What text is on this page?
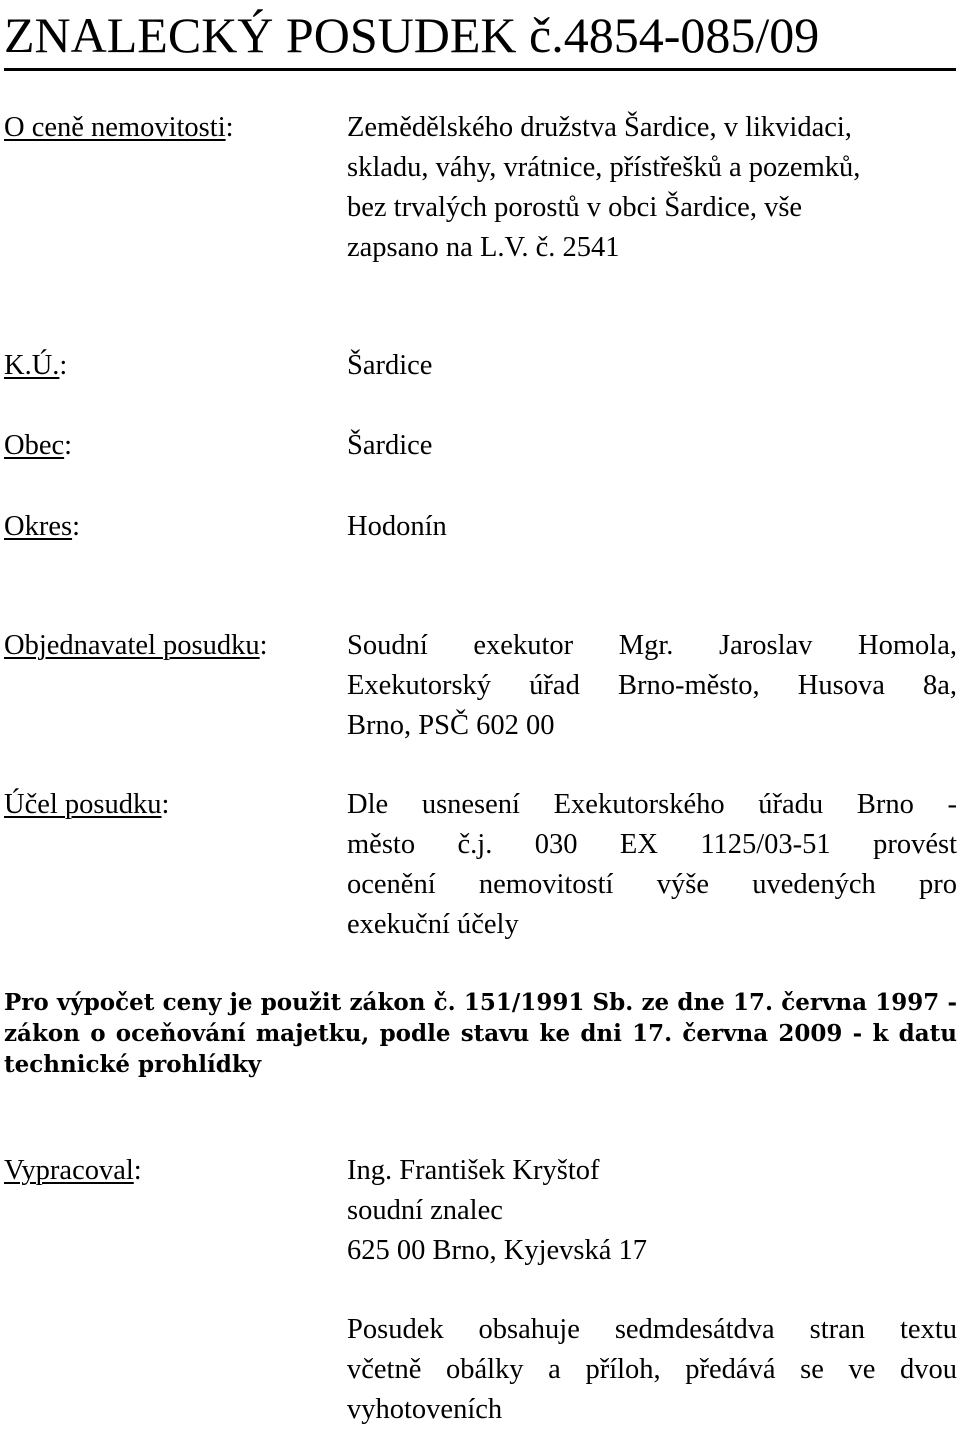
ZNALECKÝ POSUDEK č.4854-085/09
O ceně nemovitosti:	Zemědělského družstva Šardice, v likvidaci,
skladu, váhy, vrátnice, přístřešků a pozemků,
bez trvalých porostů v obci Šardice, vše
zapsano na L.V. č. 2541
K.Ú.:	Šardice
Obec:	Šardice
Okres:	Hodonín
Objednavatel posudku:	Soudní exekutor Mgr. Jaroslav Homola,
Exekutorský úřad Brno-město, Husova 8a,
Brno, PSČ 602 00
Účel posudku:	Dle usnesení Exekutorského úřadu Brno -
město č.j. 030 EX 1125/03-51 provést
ocenění nemovitostí výše uvedených pro
exekuční účely
Pro výpočet ceny je použit zákon č. 151/1991 Sb. ze dne 17. června 1997 -
zákon o oceňování majetku, podle stavu ke dni 17. června 2009 - k datu
technické prohlídky
Vypracoval:	Ing. František Kryštof
soudní znalec
625 00 Brno, Kyjevská 17
Posudek obsahuje sedmdesátdva stran textu
včetně obálky a příloh, předává se ve dvou
vyhotoveních
